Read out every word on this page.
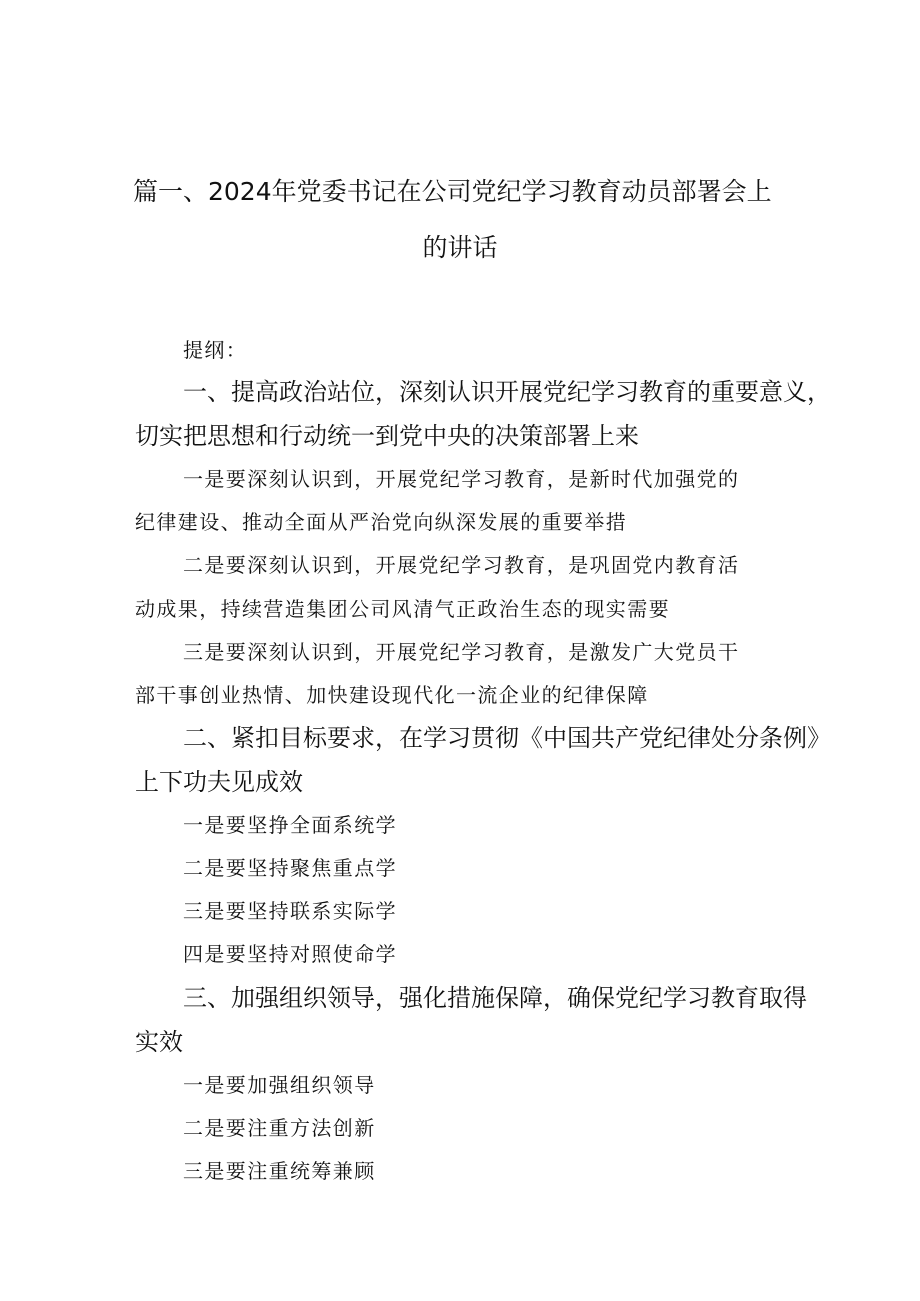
篇一、2024年党委书记在公司党纪学习教育动员部署会上
的讲话
提纲：
一、提高政治站位，深刻认识开展党纪学习教育的重要意义，
切实把思想和行动统一到党中央的决策部署上来
一是要深刻认识到，开展党纪学习教育，是新时代加强党的
纪律建设、推动全面从严治党向纵深发展的重要举措
二是要深刻认识到，开展党纪学习教育，是巩固党内教育活
动成果，持续营造集团公司风清气正政治生态的现实需要
三是要深刻认识到，开展党纪学习教育，是激发广大党员干
部干事创业热情、加快建设现代化一流企业的纪律保障
二、紧扣目标要求，在学习贯彻《中国共产党纪律处分条例》
上下功夫见成效
一是要坚挣全面系统学
二是要坚持聚焦重点学
三是要坚持联系实际学
四是要坚持对照使命学
三、加强组织领导，强化措施保障，确保党纪学习教育取得
实效
一是要加强组织领导
二是要注重方法创新
三是要注重统筹兼顾
